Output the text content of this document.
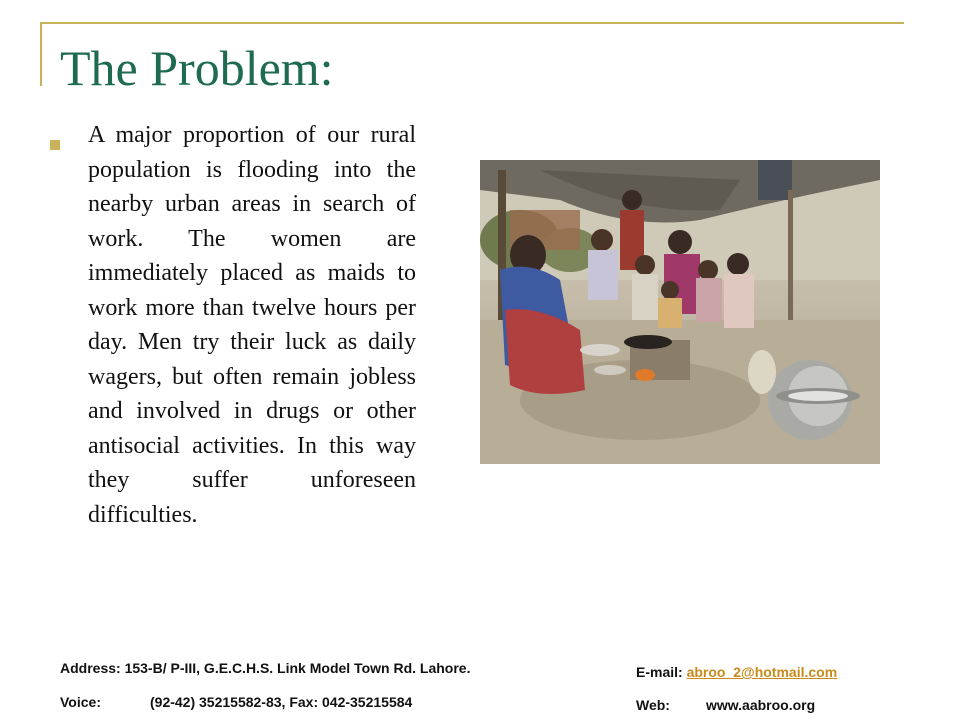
The Problem:

A major proportion of our rural population is flooding into the nearby urban areas in search of work. The women are immediately placed as maids to work more than twelve hours per day. Men try their luck as daily wagers, but often remain jobless and involved in drugs or other antisocial activities. In this way they suffer unforeseen difficulties.

Address: 153-B/ P-III, G.E.C.H.S. Link Model Town Rd. Lahore.
Voice:	(92-42) 35215582-83, Fax: 042-35215584
E-mail: abroo_2@hotmail.com
Web:	www.aabroo.org
